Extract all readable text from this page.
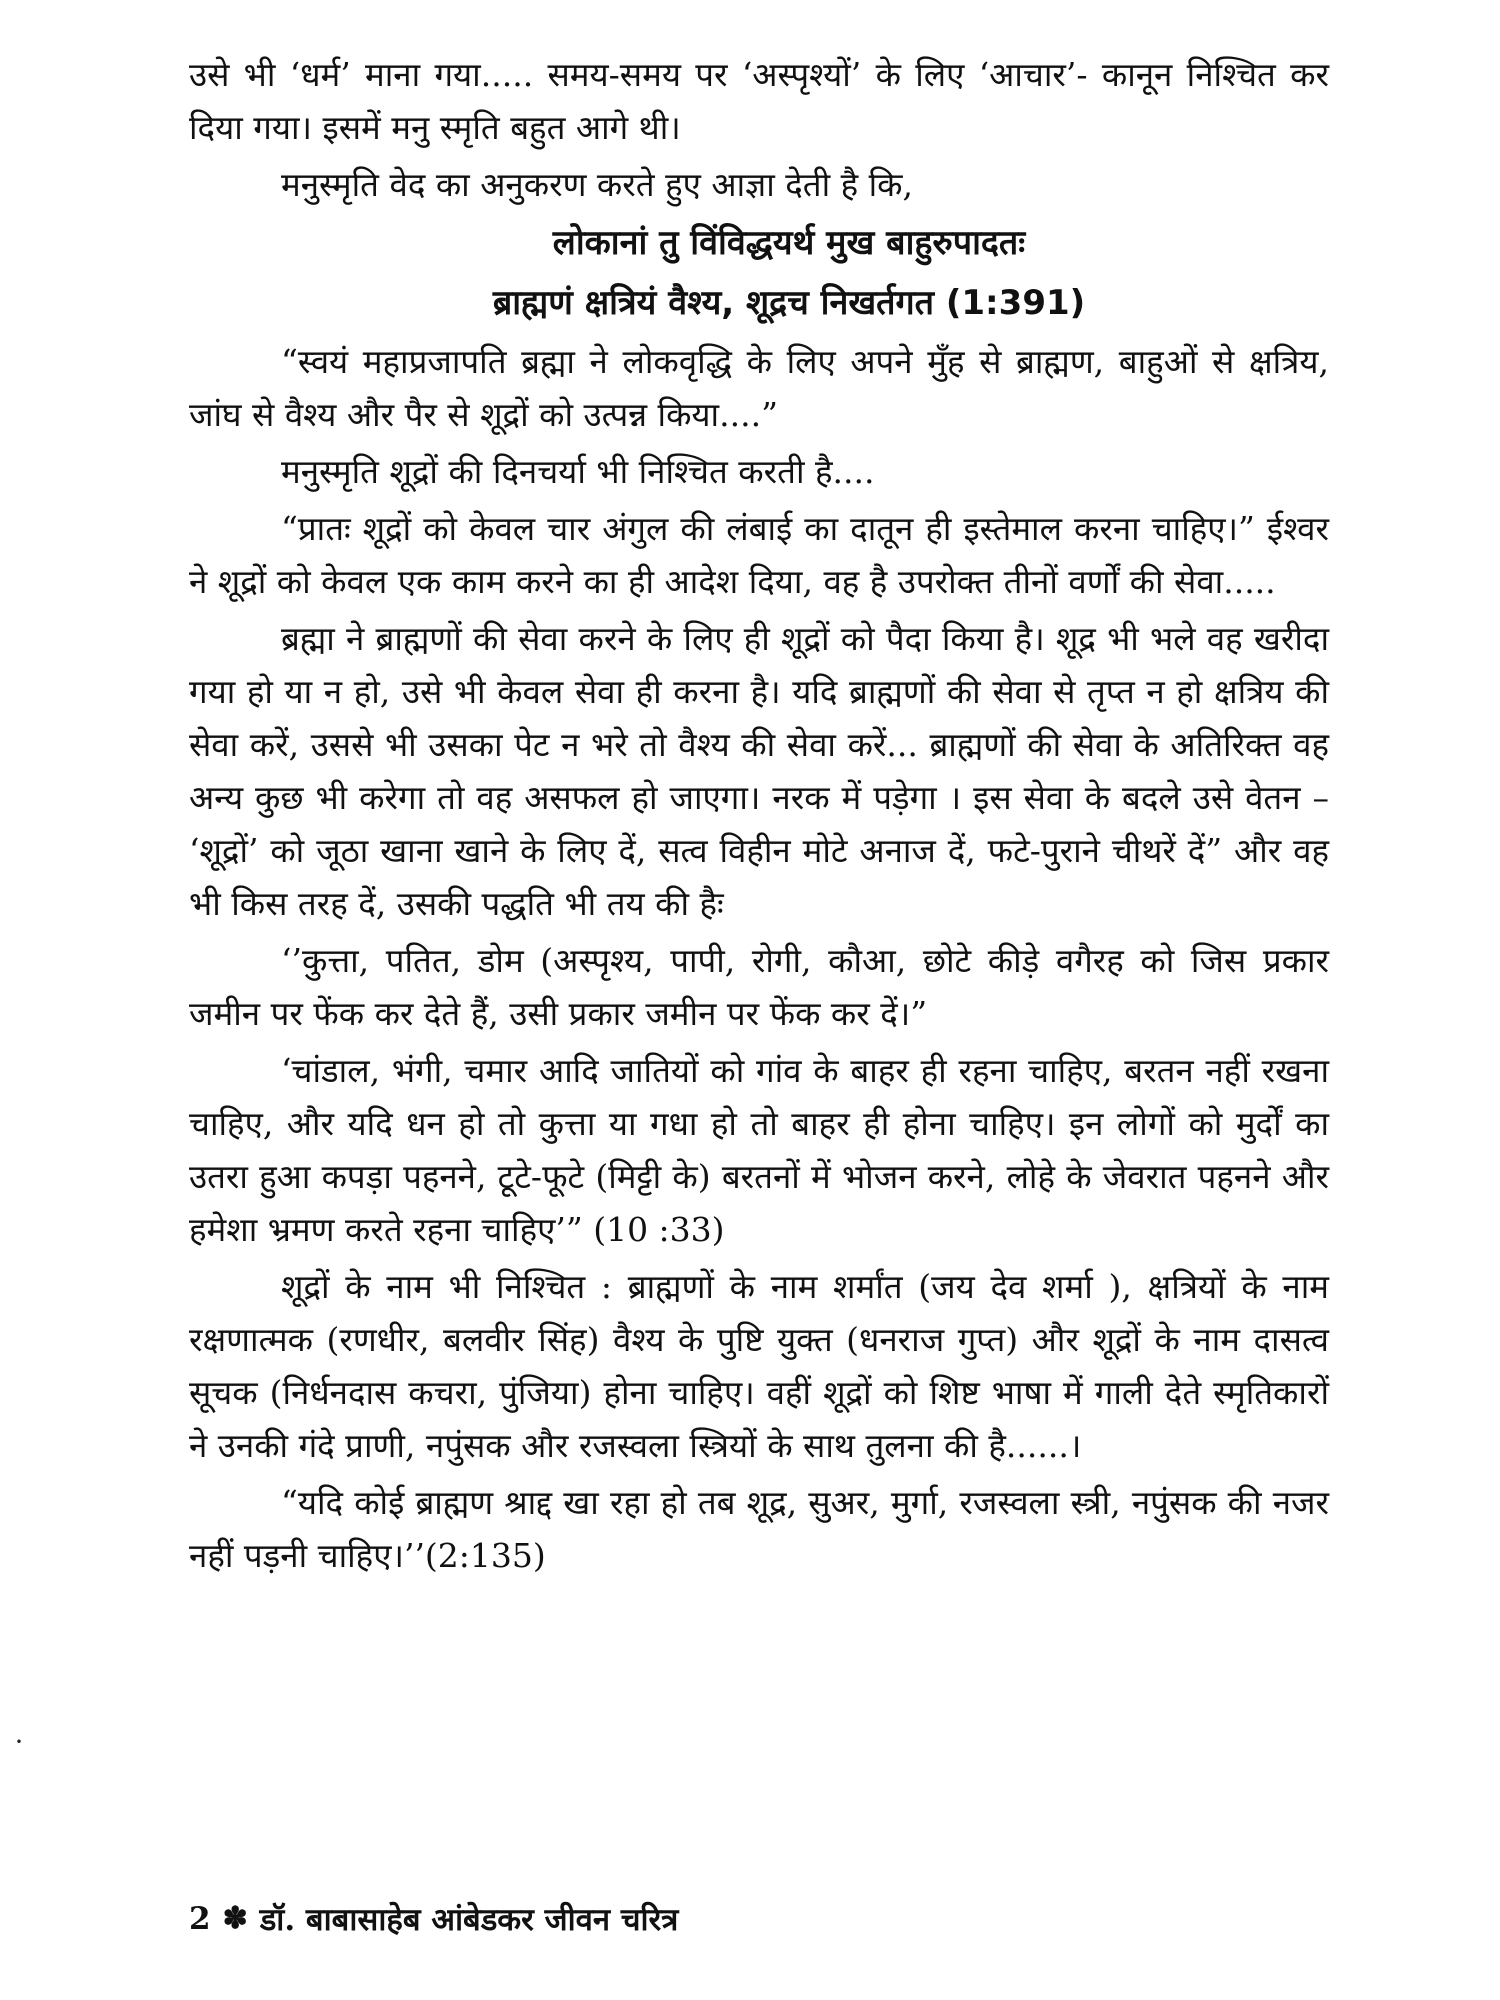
उसे भी ‘धर्म’ माना गया..... समय-समय पर ‘अस्पृश्यों’ के लिए ‘आचार’- कानून निश्चित कर दिया गया। इसमें मनु स्मृति बहुत आगे थी।

मनुस्मृति वेद का अनुकरण करते हुए आज्ञा देती है कि,

लोकानां तु विंविद्धयर्थ मुख बाहुरुपादतः
ब्राह्मणं क्षत्रियं वैश्य, शूद्रच निखर्तगत (1:391)

“स्वयं महाप्रजापति ब्रह्मा ने लोकवृद्धि के लिए अपने मुँह से ब्राह्मण, बाहुओं से क्षत्रिय, जांघ से वैश्य और पैर से शूद्रों को उत्पन्न किया....”

मनुस्मृति शूद्रों की दिनचर्या भी निश्चित करती है....

“प्रातः शूद्रों को केवल चार अंगुल की लंबाई का दातून ही इस्तेमाल करना चाहिए।” ईश्वर ने शूद्रों को केवल एक काम करने का ही आदेश दिया, वह है उपरोक्त तीनों वर्णों की सेवा.....

ब्रह्मा ने ब्राह्मणों की सेवा करने के लिए ही शूद्रों को पैदा किया है। शूद्र भी भले वह खरीदा गया हो या न हो, उसे भी केवल सेवा ही करना है। यदि ब्राह्मणों की सेवा से तृप्त न हो क्षत्रिय की सेवा करें, उससे भी उसका पेट न भरे तो वैश्य की सेवा करें... ब्राह्मणों की सेवा के अतिरिक्त वह अन्य कुछ भी करेगा तो वह असफल हो जाएगा। नरक में पड़ेगा । इस सेवा के बदले उसे वेतन – ‘शूद्रों’ को जूठा खाना खाने के लिए दें, सत्व विहीन मोटे अनाज दें, फटे-पुराने चीथरें दें” और वह भी किस तरह दें, उसकी पद्धति भी तय की हैः

‘’कुत्ता, पतित, डोम (अस्पृश्य, पापी, रोगी, कौआ, छोटे कीड़े वगैरह को जिस प्रकार जमीन पर फेंक कर देते हैं, उसी प्रकार जमीन पर फेंक कर दें।”

‘चांडाल, भंगी, चमार आदि जातियों को गांव के बाहर ही रहना चाहिए, बरतन नहीं रखना चाहिए, और यदि धन हो तो कुत्ता या गधा हो तो बाहर ही होना चाहिए। इन लोगों को मुर्दों का उतरा हुआ कपड़ा पहनने, टूटे-फूटे (मिट्टी के) बरतनों में भोजन करने, लोहे के जेवरात पहनने और हमेशा भ्रमण करते रहना चाहिए’” (10 :33)

शूद्रों के नाम भी निश्चित : ब्राह्मणों के नाम शर्मांत (जय देव शर्मा ), क्षत्रियों के नाम रक्षणात्मक (रणधीर, बलवीर सिंह) वैश्य के पुष्टि युक्त (धनराज गुप्त) और शूद्रों के नाम दासत्व सूचक (निर्धनदास कचरा, पुंजिया) होना चाहिए। वहीं शूद्रों को शिष्ट भाषा में गाली देते स्मृतिकारों ने उनकी गंदे प्राणी, नपुंसक और रजस्वला स्त्रियों के साथ तुलना की है......।

“यदि कोई ब्राह्मण श्राद्द खा रहा हो तब शूद्र, सुअर, मुर्गा, रजस्वला स्त्री, नपुंसक की नजर नहीं पड़नी चाहिए।’’(2:135)

·
2 ✽ डॉ. बाबासाहेब आंबेडकर जीवन चरित्र
